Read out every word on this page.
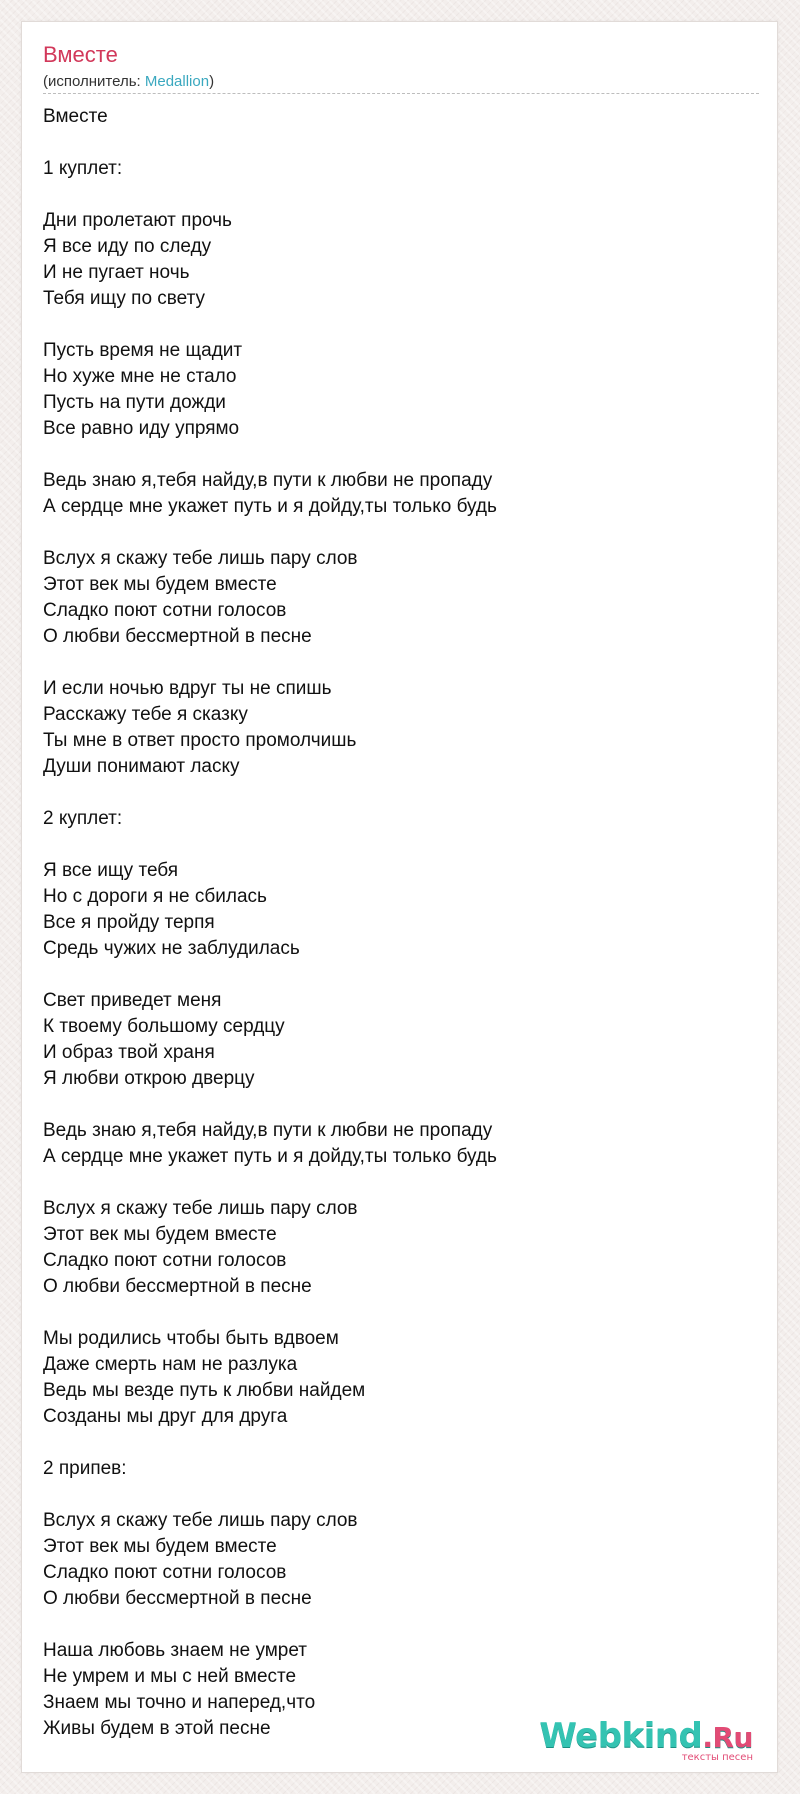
Вместе
(исполнитель: Medallion)
Вместе

1 куплет:

Дни пролетают прочь
Я все иду по следу
И не пугает ночь
Тебя ищу по свету

Пусть время не щадит
Но хуже мне не стало
Пусть на пути дожди
Все равно иду упрямо

Ведь знаю я,тебя найду,в пути к любви не пропаду
А сердце мне укажет путь и я дойду,ты только будь

Вслух я скажу тебе лишь пару слов
Этот век мы будем вместе
Сладко поют сотни голосов
О любви бессмертной в песне

И если ночью вдруг ты не спишь
Расскажу тебе я сказку
Ты мне в ответ просто промолчишь
Души понимают ласку

2 куплет:

Я все ищу тебя
Но с дороги я не сбилась
Все я пройду терпя
Средь чужих не заблудилась

Свет приведет меня
К твоему большому сердцу
И образ твой храня
Я любви открою дверцу

Ведь знаю я,тебя найду,в пути к любви не пропаду
А сердце мне укажет путь и я дойду,ты только будь

Вслух я скажу тебе лишь пару слов
Этот век мы будем вместе
Сладко поют сотни голосов
О любви бессмертной в песне

Мы родились чтобы быть вдвоем
Даже смерть нам не разлука
Ведь мы везде путь к любви найдем
Созданы мы друг для друга

2 припев:

Вслух я скажу тебе лишь пару слов
Этот век мы будем вместе
Сладко поют сотни голосов
О любви бессмертной в песне

Наша любовь знаем не умрет
Не умрем и мы с ней вместе
Знаем мы точно и наперед,что
Живы будем в этой песне	Webkind.Ru
тексты песен
